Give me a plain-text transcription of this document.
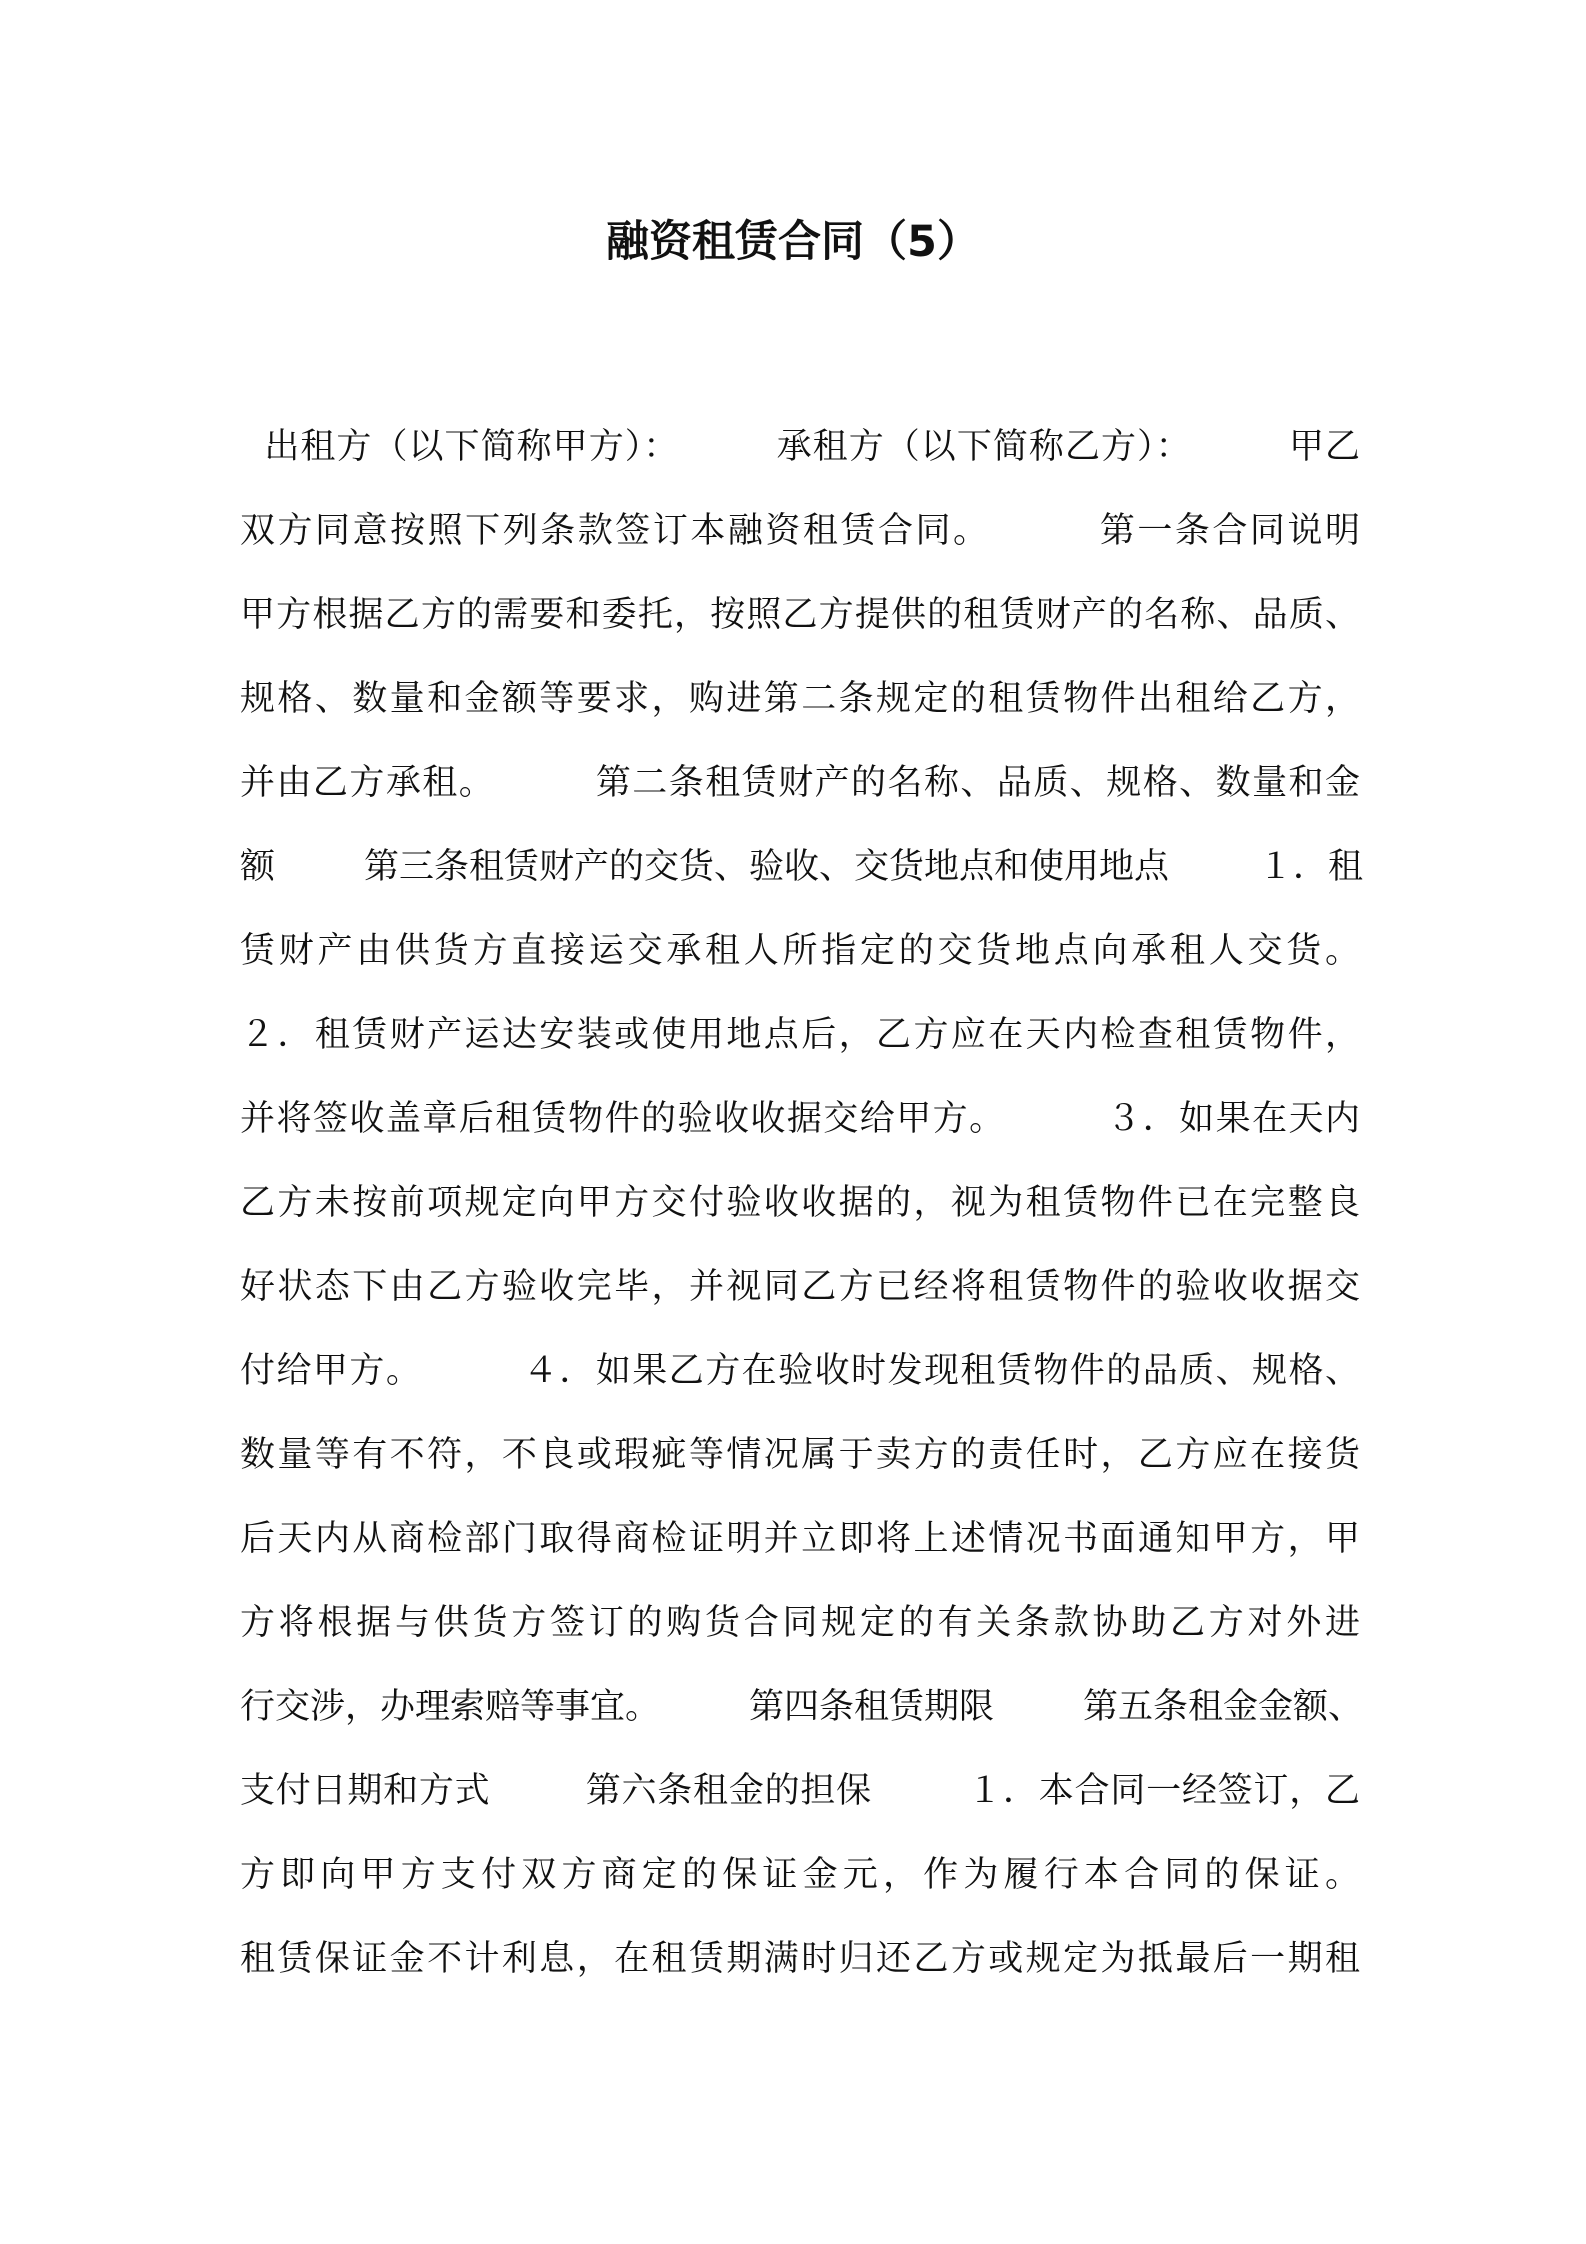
融资租赁合同（5）
出租方（以下简称甲方）：        承租方（以下简称乙方）：        甲乙
双方同意按照下列条款签订本融资租赁合同。        第一条合同说明
甲方根据乙方的需要和委托，按照乙方提供的租赁财产的名称、品质、
规格、数量和金额等要求，购进第二条规定的租赁物件出租给乙方，
并由乙方承租。        第二条租赁财产的名称、品质、规格、数量和金
额        第三条租赁财产的交货、验收、交货地点和使用地点        １．租
赁财产由供货方直接运交承租人所指定的交货地点向承租人交货。
２．租赁财产运达安装或使用地点后，乙方应在天内检查租赁物件，
并将签收盖章后租赁物件的验收收据交给甲方。        ３．如果在天内
乙方未按前项规定向甲方交付验收收据的，视为租赁物件已在完整良
好状态下由乙方验收完毕，并视同乙方已经将租赁物件的验收收据交
付给甲方。        ４．如果乙方在验收时发现租赁物件的品质、规格、
数量等有不符，不良或瑕疵等情况属于卖方的责任时，乙方应在接货
后天内从商检部门取得商检证明并立即将上述情况书面通知甲方，甲
方将根据与供货方签订的购货合同规定的有关条款协助乙方对外进
行交涉，办理索赔等事宜。        第四条租赁期限        第五条租金金额、
支付日期和方式        第六条租金的担保        １．本合同一经签订，乙
方即向甲方支付双方商定的保证金元，作为履行本合同的保证。
租赁保证金不计利息，在租赁期满时归还乙方或规定为抵最后一期租
